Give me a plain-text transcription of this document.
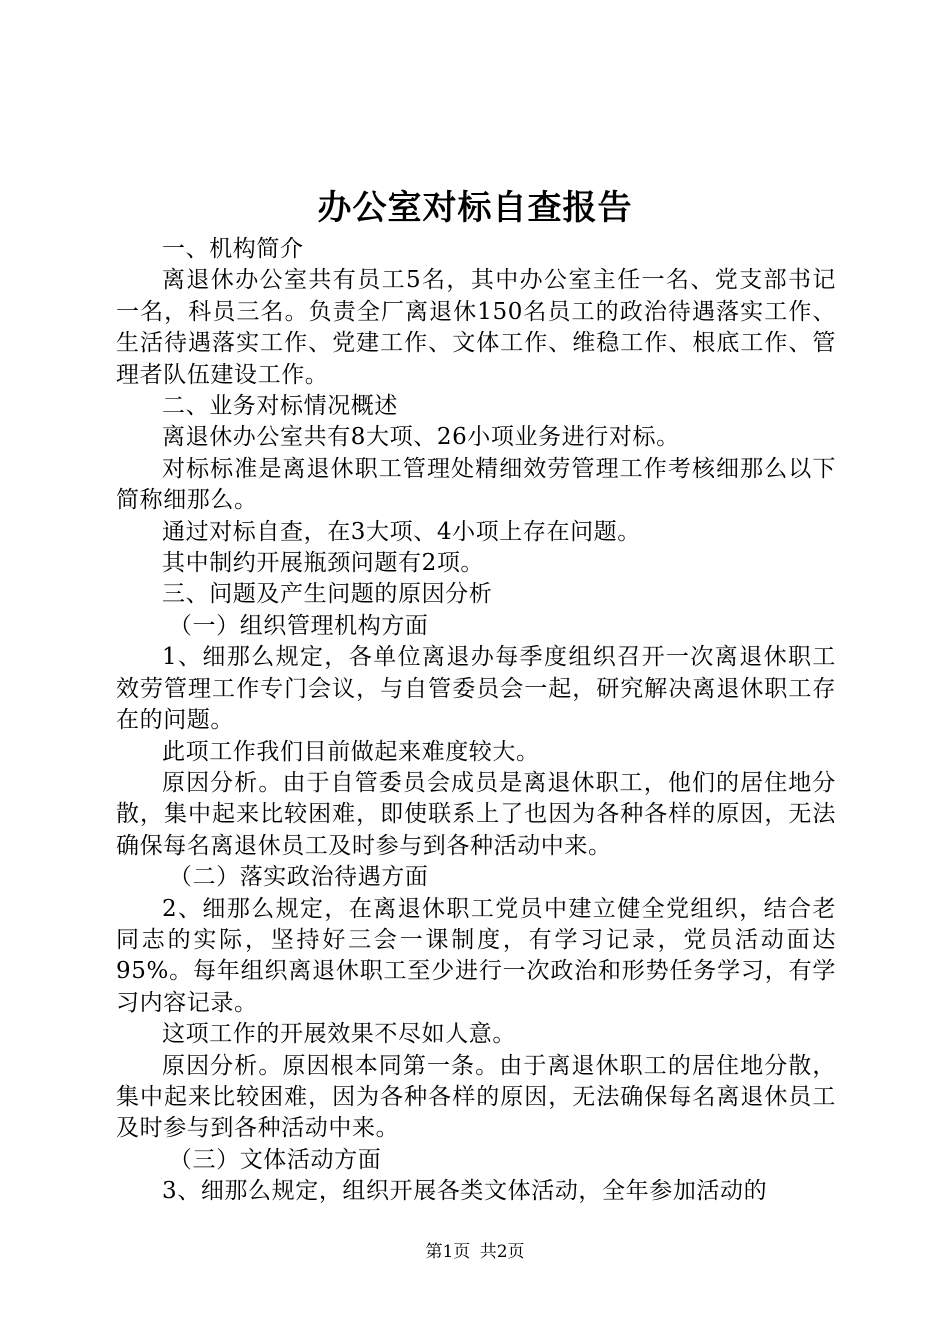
办公室对标自查报告

一、机构简介

离退休办公室共有员工5名，其中办公室主任一名、党支部书记一名，科员三名。负责全厂离退休150名员工的政治待遇落实工作、生活待遇落实工作、党建工作、文体工作、维稳工作、根底工作、管理者队伍建设工作。

二、业务对标情况概述

离退休办公室共有8大项、26小项业务进行对标。

对标标准是离退休职工管理处精细效劳管理工作考核细那么以下简称细那么。

通过对标自查，在3大项、4小项上存在问题。

其中制约开展瓶颈问题有2项。

三、问题及产生问题的原因分析

（一）组织管理机构方面

1、细那么规定，各单位离退办每季度组织召开一次离退休职工效劳管理工作专门会议，与自管委员会一起，研究解决离退休职工存在的问题。

此项工作我们目前做起来难度较大。

原因分析。由于自管委员会成员是离退休职工，他们的居住地分散，集中起来比较困难，即使联系上了也因为各种各样的原因，无法确保每名离退休员工及时参与到各种活动中来。

（二）落实政治待遇方面

2、细那么规定，在离退休职工党员中建立健全党组织，结合老同志的实际，坚持好三会一课制度，有学习记录，党员活动面达95%。每年组织离退休职工至少进行一次政治和形势任务学习，有学习内容记录。

这项工作的开展效果不尽如人意。

原因分析。原因根本同第一条。由于离退休职工的居住地分散，集中起来比较困难，因为各种各样的原因，无法确保每名离退休员工及时参与到各种活动中来。

（三）文体活动方面

3、细那么规定，组织开展各类文体活动，全年参加活动的

第1页 共2页
